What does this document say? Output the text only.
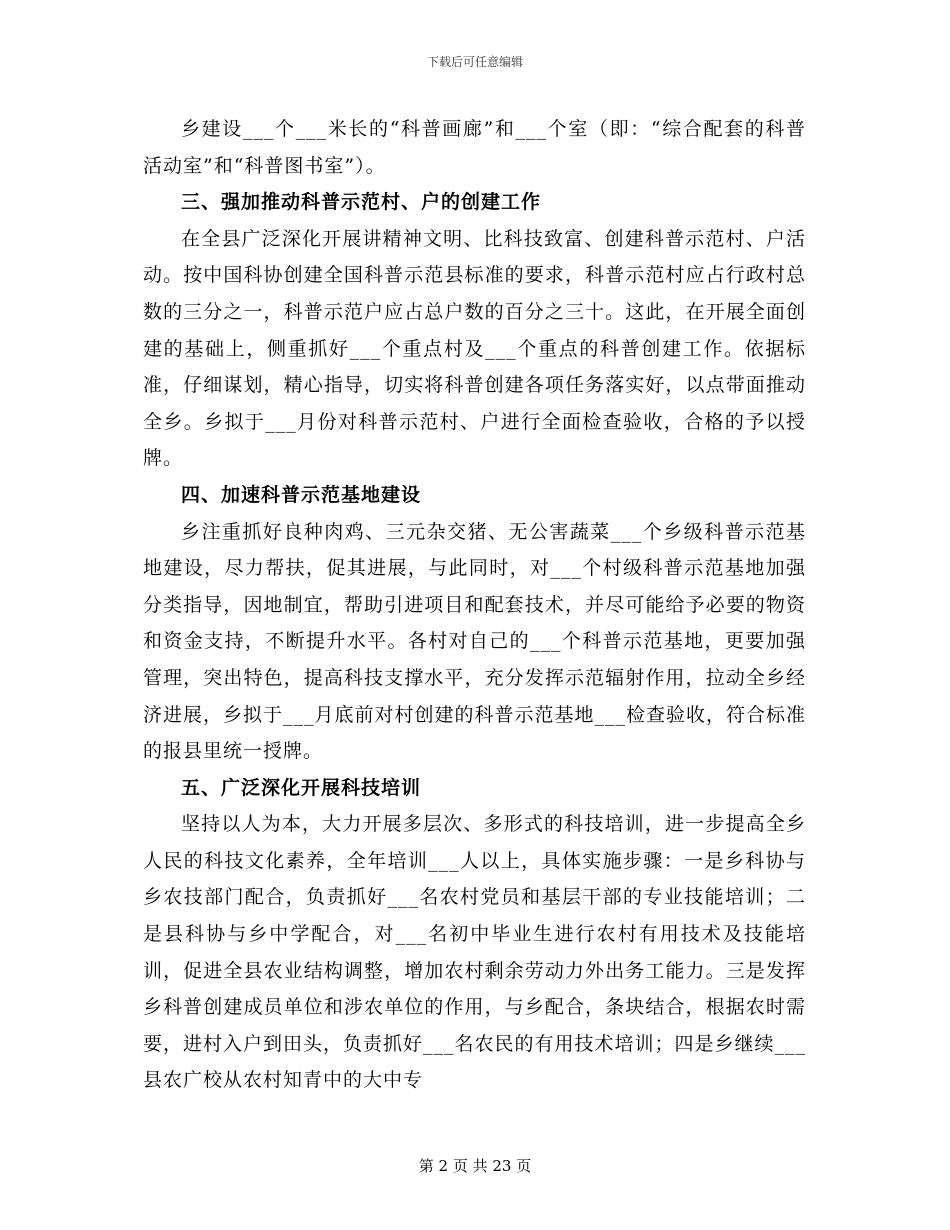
下载后可任意编辑

乡建设___个___米长的“科普画廊”和___个室（即：“综合配套的科普活动室”和“科普图书室”）。

三、强加推动科普示范村、户的创建工作

在全县广泛深化开展讲精神文明、比科技致富、创建科普示范村、户活动。按中国科协创建全国科普示范县标准的要求，科普示范村应占行政村总数的三分之一，科普示范户应占总户数的百分之三十。这此，在开展全面创建的基础上，侧重抓好___个重点村及___个重点的科普创建工作。依据标准，仔细谋划，精心指导，切实将科普创建各项任务落实好，以点带面推动全乡。乡拟于___月份对科普示范村、户进行全面检查验收，合格的予以授牌。

四、加速科普示范基地建设

乡注重抓好良种肉鸡、三元杂交猪、无公害蔬菜___个乡级科普示范基地建设，尽力帮扶，促其进展，与此同时，对___个村级科普示范基地加强分类指导，因地制宜，帮助引进项目和配套技术，并尽可能给予必要的物资和资金支持，不断提升水平。各村对自己的___个科普示范基地，更要加强管理，突出特色，提高科技支撑水平，充分发挥示范辐射作用，拉动全乡经济进展，乡拟于___月底前对村创建的科普示范基地___检查验收，符合标准的报县里统一授牌。

五、广泛深化开展科技培训

坚持以人为本，大力开展多层次、多形式的科技培训，进一步提高全乡人民的科技文化素养，全年培训___人以上，具体实施步骤：一是乡科协与乡农技部门配合，负责抓好___名农村党员和基层干部的专业技能培训；二是县科协与乡中学配合，对___名初中毕业生进行农村有用技术及技能培训，促进全县农业结构调整，增加农村剩余劳动力外出务工能力。三是发挥乡科普创建成员单位和涉农单位的作用，与乡配合，条块结合，根据农时需要，进村入户到田头，负责抓好___名农民的有用技术培训；四是乡继续___县农广校从农村知青中的大中专

第 2 页 共 23 页
